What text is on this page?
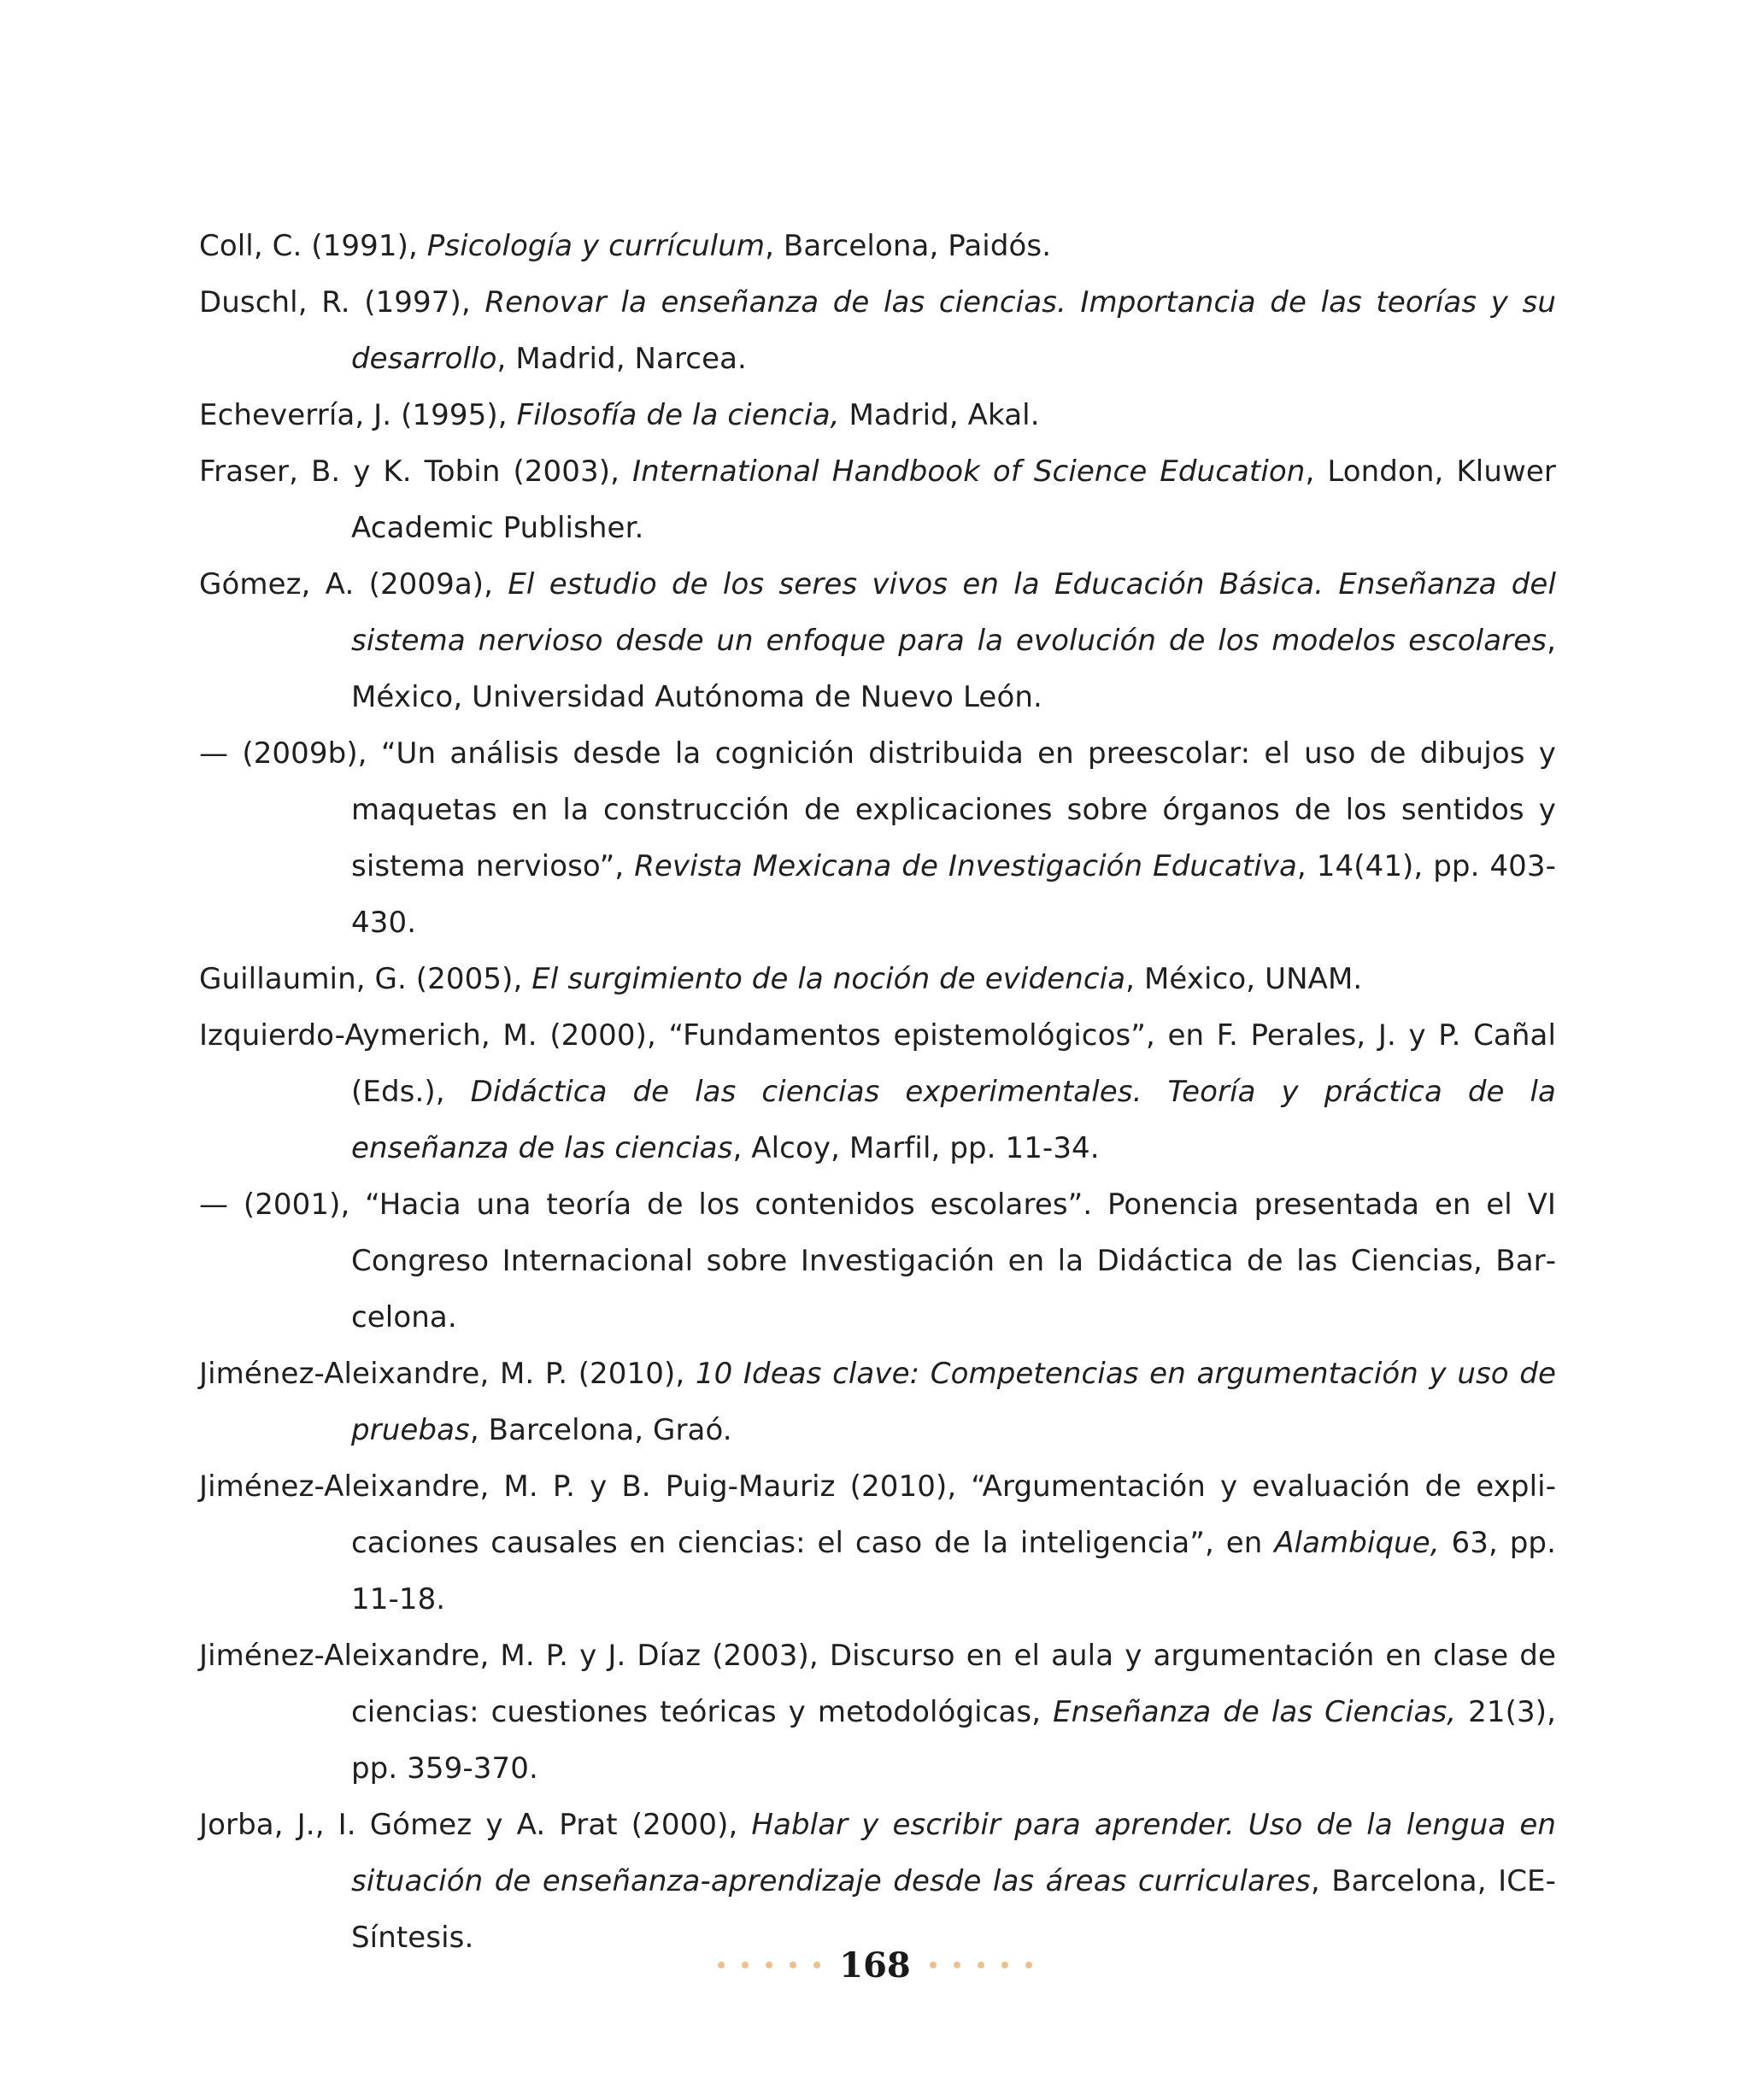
Coll, C. (1991), Psicología y currículum, Barcelona, Paidós.
Duschl, R. (1997), Renovar la enseñanza de las ciencias. Importancia de las teorías y su desarrollo, Madrid, Narcea.
Echeverría, J. (1995), Filosofía de la ciencia, Madrid, Akal.
Fraser, B. y K. Tobin (2003), International Handbook of Science Education, London, Kluwer Academic Publisher.
Gómez, A. (2009a), El estudio de los seres vivos en la Educación Básica. Enseñanza del sistema nervioso desde un enfoque para la evolución de los modelos escolares, México, Universidad Autónoma de Nuevo León.
— (2009b), “Un análisis desde la cognición distribuida en preescolar: el uso de dibujos y maquetas en la construcción de explicaciones sobre órganos de los sentidos y sistema nervioso”, Revista Mexicana de Investigación Educativa, 14(41), pp. 403-430.
Guillaumin, G. (2005), El surgimiento de la noción de evidencia, México, UNAM.
Izquierdo-Aymerich, M. (2000), “Fundamentos epistemológicos”, en F. Perales, J. y P. Cañal (Eds.), Didáctica de las ciencias experimentales. Teoría y práctica de la enseñanza de las ciencias, Alcoy, Marfil, pp. 11-34.
— (2001), “Hacia una teoría de los contenidos escolares”. Ponencia presentada en el VI Congreso Internacional sobre Investigación en la Didáctica de las Ciencias, Barcelona.
Jiménez-Aleixandre, M. P. (2010), 10 Ideas clave: Competencias en argumentación y uso de pruebas, Barcelona, Graó.
Jiménez-Aleixandre, M. P. y B. Puig-Mauriz (2010), “Argumentación y evaluación de explicaciones causales en ciencias: el caso de la inteligencia”, en Alambique, 63, pp. 11-18.
Jiménez-Aleixandre, M. P. y J. Díaz (2003), Discurso en el aula y argumentación en clase de ciencias: cuestiones teóricas y metodológicas, Enseñanza de las Ciencias, 21(3), pp. 359-370.
Jorba, J., I. Gómez y A. Prat (2000), Hablar y escribir para aprender. Uso de la lengua en situación de enseñanza-aprendizaje desde las áreas curriculares, Barcelona, ICE-Síntesis.
168
